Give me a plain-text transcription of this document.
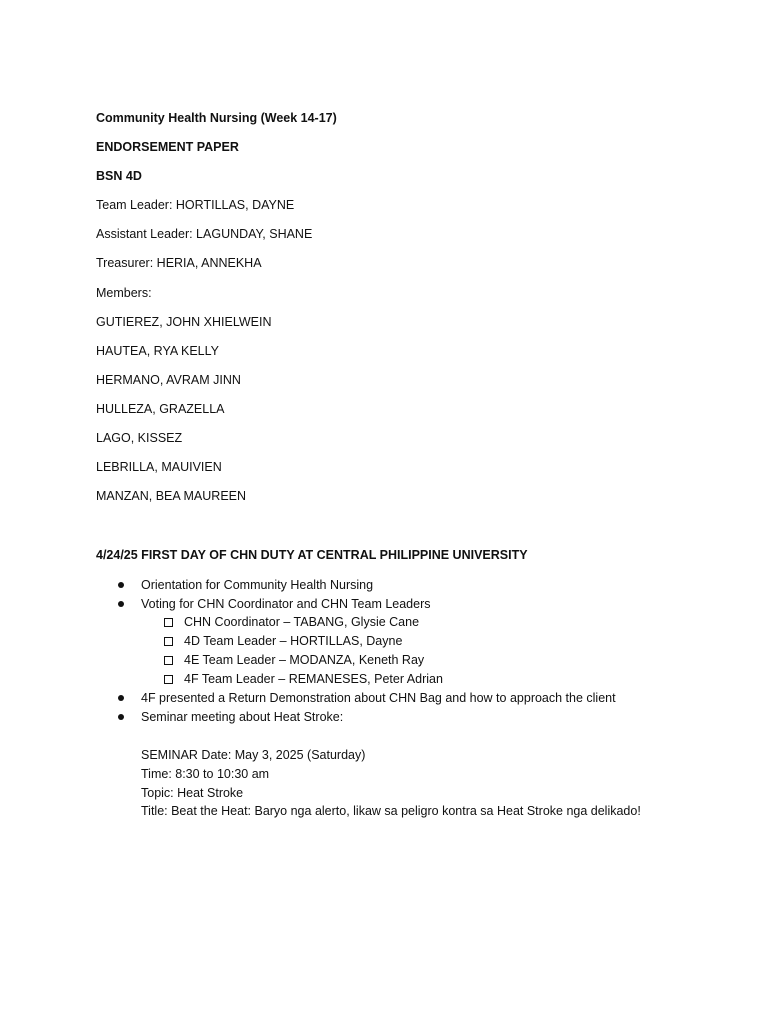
Community Health Nursing (Week 14-17)
ENDORSEMENT PAPER
BSN 4D
Team Leader: HORTILLAS, DAYNE
Assistant Leader: LAGUNDAY, SHANE
Treasurer: HERIA, ANNEKHA
Members:
GUTIEREZ, JOHN XHIELWEIN
HAUTEA, RYA KELLY
HERMANO, AVRAM JINN
HULLEZA, GRAZELLA
LAGO, KISSEZ
LEBRILLA, MAUIVIEN
MANZAN, BEA MAUREEN
4/24/25 FIRST DAY OF CHN DUTY AT CENTRAL PHILIPPINE UNIVERSITY
Orientation for Community Health Nursing
Voting for CHN Coordinator and CHN Team Leaders
CHN Coordinator – TABANG, Glysie Cane
4D Team Leader – HORTILLAS, Dayne
4E Team Leader – MODANZA, Keneth Ray
4F Team Leader – REMANESES, Peter Adrian
4F presented a Return Demonstration about CHN Bag and how to approach the client
Seminar meeting about Heat Stroke:
SEMINAR Date: May 3, 2025 (Saturday)
Time: 8:30 to 10:30 am
Topic: Heat Stroke
Title: Beat the Heat: Baryo nga alerto, likaw sa peligro kontra sa Heat Stroke nga delikado!
